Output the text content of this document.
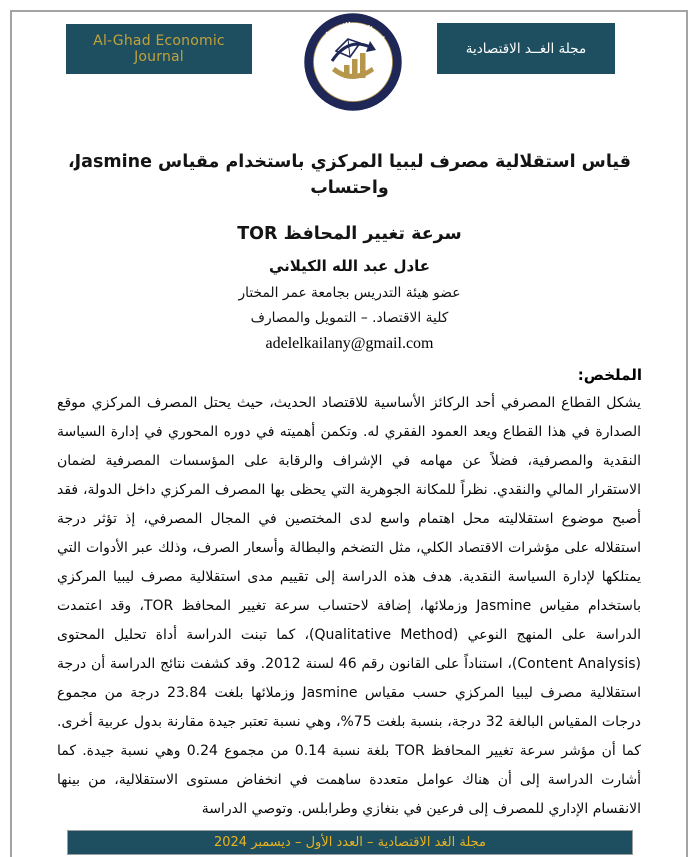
Al-Ghad Economic Journal
مجلــة الغــد الاقتصاديــة
AL GHAD Economic Journal
مجلة الغــد الاقتصادية
قياس استقلالية مصرف ليبيا المركزي باستخدام مقياس Jasmine، واحتساب
سرعة تغيير المحافظ TOR
عادل عبد الله الكيلاني
عضو هيئة التدريس بجامعة عمر المختار
كلية الاقتصاد. – التمويل والمصارف
adelelkailany@gmail.com
الملخص:

يشكل القطاع المصرفي أحد الركائز الأساسية للاقتصاد الحديث، حيث يحتل المصرف المركزي موقع الصدارة في هذا القطاع ويعد العمود الفقري له. وتكمن أهميته في دوره المحوري في إدارة السياسة النقدية والمصرفية، فضلاً عن مهامه في الإشراف والرقابة على المؤسسات المصرفية لضمان الاستقرار المالي والنقدي. نظراً للمكانة الجوهرية التي يحظى بها المصرف المركزي داخل الدولة، فقد أصبح موضوع استقلاليته محل اهتمام واسع لدى المختصين في المجال المصرفي، إذ تؤثر درجة استقلاله على مؤشرات الاقتصاد الكلي، مثل التضخم والبطالة وأسعار الصرف، وذلك عبر الأدوات التي يمتلكها لإدارة السياسة النقدية. هدف هذه الدراسة إلى تقييم مدى استقلالية مصرف ليبيا المركزي باستخدام مقياس Jasmine وزملائها، إضافة لاحتساب سرعة تغيير المحافظ TOR، وقد اعتمدت الدراسة على المنهج النوعي (Qualitative Method)، كما تبنت الدراسة أداة تحليل المحتوى (Content Analysis)، استناداً على القانون رقم 46 لسنة 2012. وقد كشفت نتائج الدراسة أن درجة استقلالية مصرف ليبيا المركزي حسب مقياس Jasmine وزملائها بلغت 23.84 درجة من مجموع درجات المقياس البالغة 32 درجة، بنسبة بلغت 75%، وهي نسبة تعتبر جيدة مقارنة بدول عربية أخرى. كما أن مؤشر سرعة تغيير المحافظ TOR بلغة نسبة 0.14 من مجموع 0.24 وهي نسبة جيدة. كما أشارت الدراسة إلى أن هناك عوامل متعددة ساهمت في انخفاض مستوى الاستقلالية، من بينها الانقسام الإداري للمصرف إلى فرعين في بنغازي وطرابلس. وتوصي الدراسة

مجلة الغد الاقتصادية – العدد الأول – ديسمبر 2024
